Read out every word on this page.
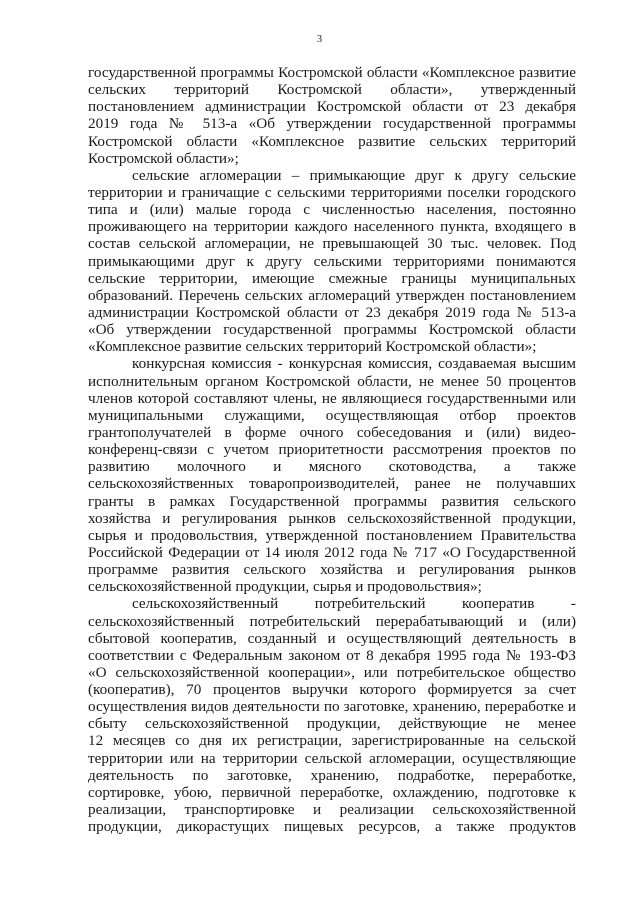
3
государственной программы Костромской области «Комплексное развитие
сельских территорий Костромской области», утвержденный
постановлением администрации Костромской области от 23 декабря
2019 года № 513-а «Об утверждении государственной программы
Костромской области «Комплексное развитие сельских территорий
Костромской области»;
сельские агломерации – примыкающие друг к другу сельские
территории и граничащие с сельскими территориями поселки городского
типа и (или) малые города с численностью населения, постоянно
проживающего на территории каждого населенного пункта, входящего в
состав сельской агломерации, не превышающей 30 тыс. человек. Под
примыкающими друг к другу сельскими территориями понимаются
сельские территории, имеющие смежные границы муниципальных
образований. Перечень сельских агломераций утвержден постановлением
администрации Костромской области от 23 декабря 2019 года № 513-а
«Об утверждении государственной программы Костромской области
«Комплексное развитие сельских территорий Костромской области»;
конкурсная комиссия - конкурсная комиссия, создаваемая высшим
исполнительным органом Костромской области, не менее 50 процентов
членов которой составляют члены, не являющиеся государственными или
муниципальными служащими, осуществляющая отбор проектов
грантополучателей в форме очного собеседования и (или) видео-
конференц-связи с учетом приоритетности рассмотрения проектов по
развитию молочного и мясного скотоводства, а также
сельскохозяйственных товаропроизводителей, ранее не получавших
гранты в рамках Государственной программы развития сельского
хозяйства и регулирования рынков сельскохозяйственной продукции,
сырья и продовольствия, утвержденной постановлением Правительства
Российской Федерации от 14 июля 2012 года № 717 «О Государственной
программе развития сельского хозяйства и регулирования рынков
сельскохозяйственной продукции, сырья и продовольствия»;
сельскохозяйственный потребительский кооператив -
сельскохозяйственный потребительский перерабатывающий и (или)
сбытовой кооператив, созданный и осуществляющий деятельность в
соответствии с Федеральным законом от 8 декабря 1995 года № 193-ФЗ
«О сельскохозяйственной кооперации», или потребительское общество
(кооператив), 70 процентов выручки которого формируется за счет
осуществления видов деятельности по заготовке, хранению, переработке и
сбыту сельскохозяйственной продукции, действующие не менее
12 месяцев со дня их регистрации, зарегистрированные на сельской
территории или на территории сельской агломерации, осуществляющие
деятельность по заготовке, хранению, подработке, переработке,
сортировке, убою, первичной переработке, охлаждению, подготовке к
реализации, транспортировке и реализации сельскохозяйственной
продукции, дикорастущих пищевых ресурсов, а также продуктов
